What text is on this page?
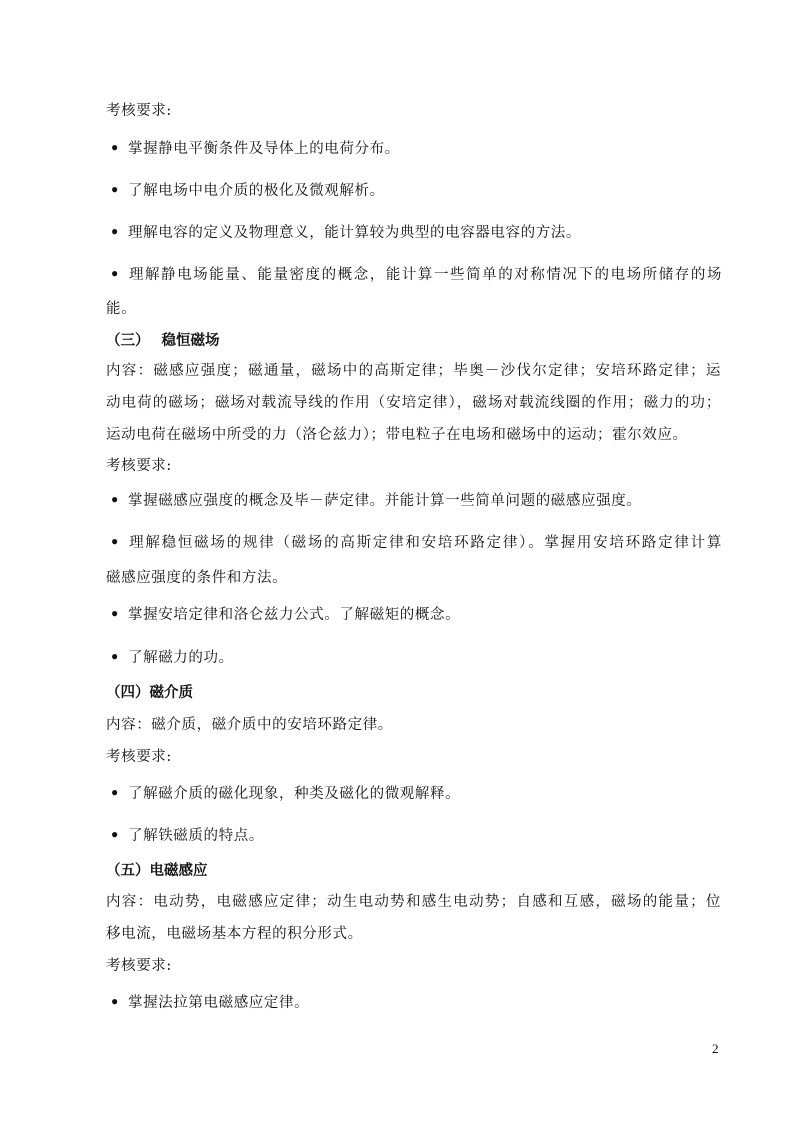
考核要求:
• 掌握静电平衡条件及导体上的电荷分布。
• 了解电场中电介质的极化及微观解析。
• 理解电容的定义及物理意义，能计算较为典型的电容器电容的方法。
• 理解静电场能量、能量密度的概念，能计算一些简单的对称情况下的电场所储存的场
能。
（三） 稳恒磁场
内容：磁感应强度；磁通量，磁场中的高斯定律；毕奥－沙伐尔定律；安培环路定律；运
动电荷的磁场；磁场对载流导线的作用（安培定律），磁场对载流线圈的作用；磁力的功；
运动电荷在磁场中所受的力（洛仑兹力）；带电粒子在电场和磁场中的运动；霍尔效应。
考核要求:
• 掌握磁感应强度的概念及毕－萨定律。并能计算一些简单问题的磁感应强度。
• 理解稳恒磁场的规律（磁场的高斯定律和安培环路定律）。掌握用安培环路定律计算
磁感应强度的条件和方法。
• 掌握安培定律和洛仑兹力公式。了解磁矩的概念。
• 了解磁力的功。
（四）磁介质
内容：磁介质，磁介质中的安培环路定律。
考核要求:
• 了解磁介质的磁化现象，种类及磁化的微观解释。
• 了解铁磁质的特点。
（五）电磁感应
内容：电动势，电磁感应定律；动生电动势和感生电动势；自感和互感，磁场的能量；位
移电流，电磁场基本方程的积分形式。
考核要求:
• 掌握法拉第电磁感应定律。
2
